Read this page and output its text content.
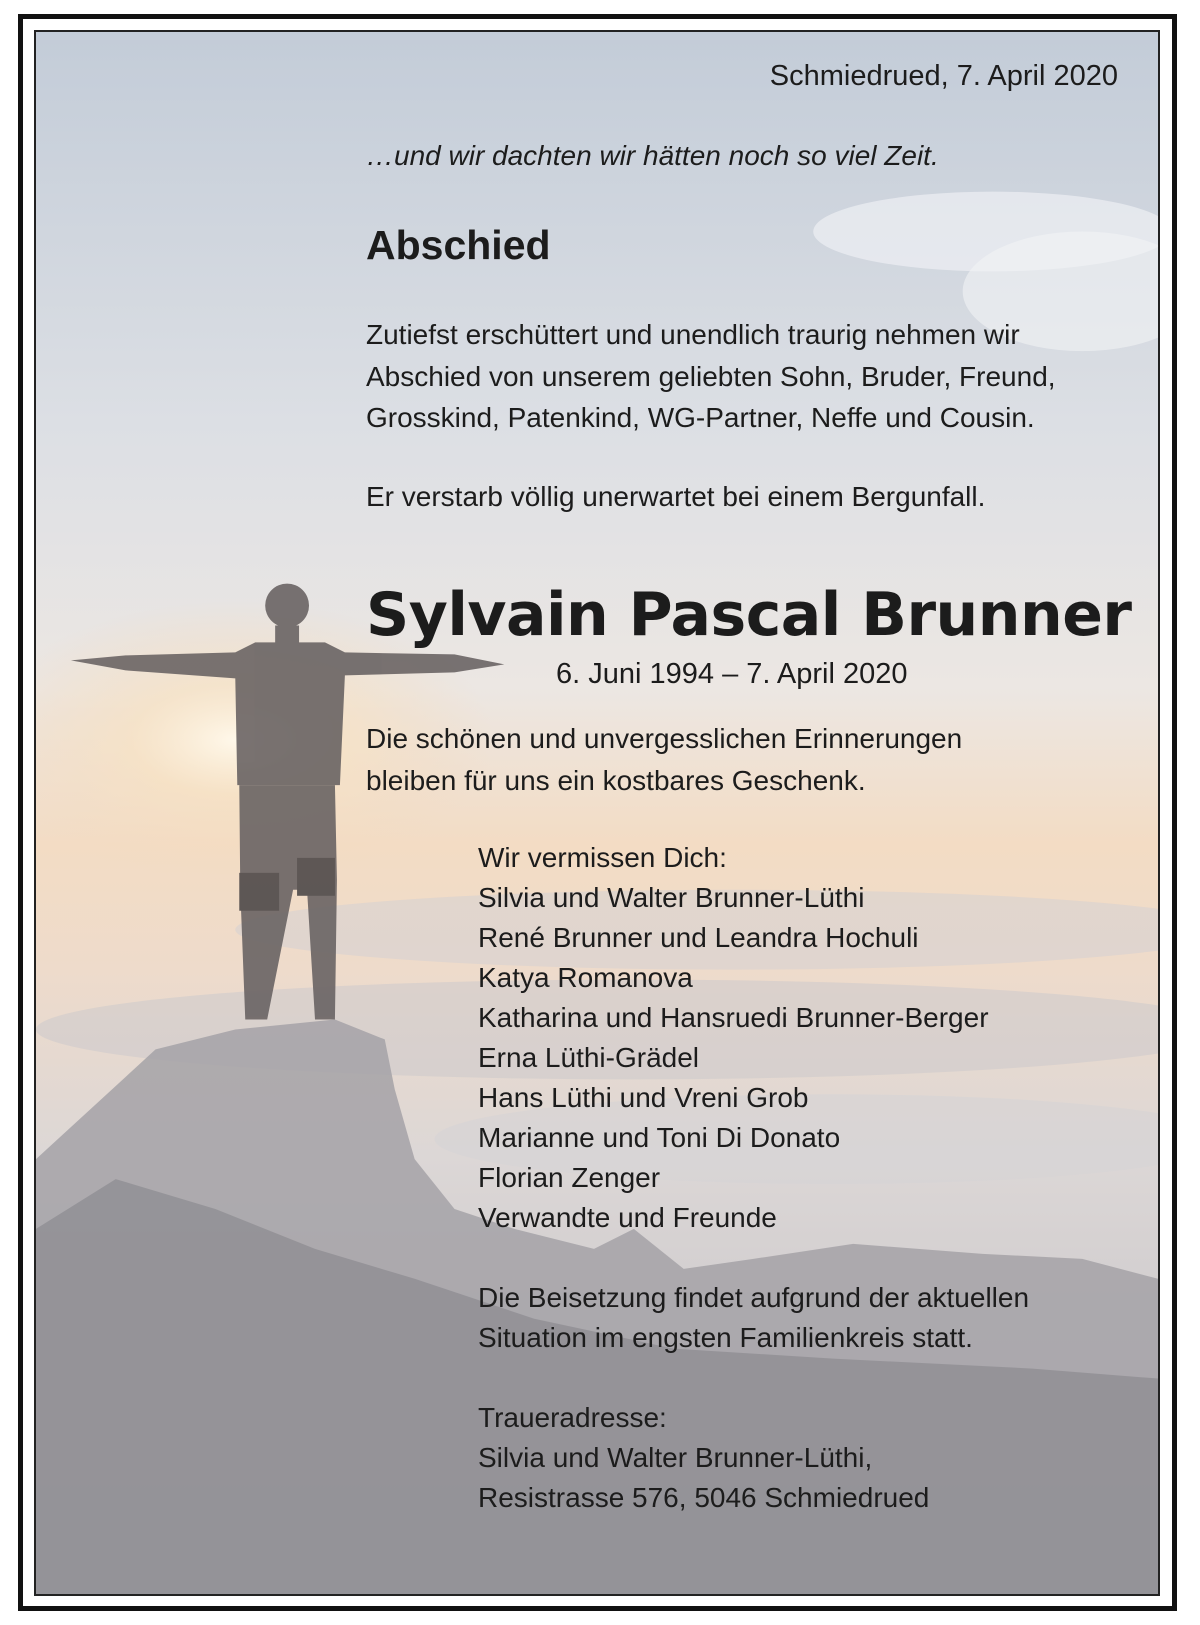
Schmiedrued, 7. April 2020

…und wir dachten wir hätten noch so viel Zeit.

Abschied
Zutiefst erschüttert und unendlich traurig nehmen wir
Abschied von unserem geliebten Sohn, Bruder, Freund,
Grosskind, Patenkind, WG-Partner, Neffe und Cousin.

Er verstarb völlig unerwartet bei einem Bergunfall.

Sylvain Pascal Brunner

6. Juni 1994 – 7. April 2020

Die schönen und unvergesslichen Erinnerungen
bleiben für uns ein kostbares Geschenk.
Wir vermissen Dich:
Silvia und Walter Brunner-Lüthi
René Brunner und Leandra Hochuli
Katya Romanova
Katharina und Hansruedi Brunner-Berger
Erna Lüthi-Grädel
Hans Lüthi und Vreni Grob
Marianne und Toni Di Donato
Florian Zenger
Verwandte und Freunde
Die Beisetzung findet aufgrund der aktuellen
Situation im engsten Familienkreis statt.
Traueradresse:
Silvia und Walter Brunner-Lüthi,
Resistrasse 576, 5046 Schmiedrued
